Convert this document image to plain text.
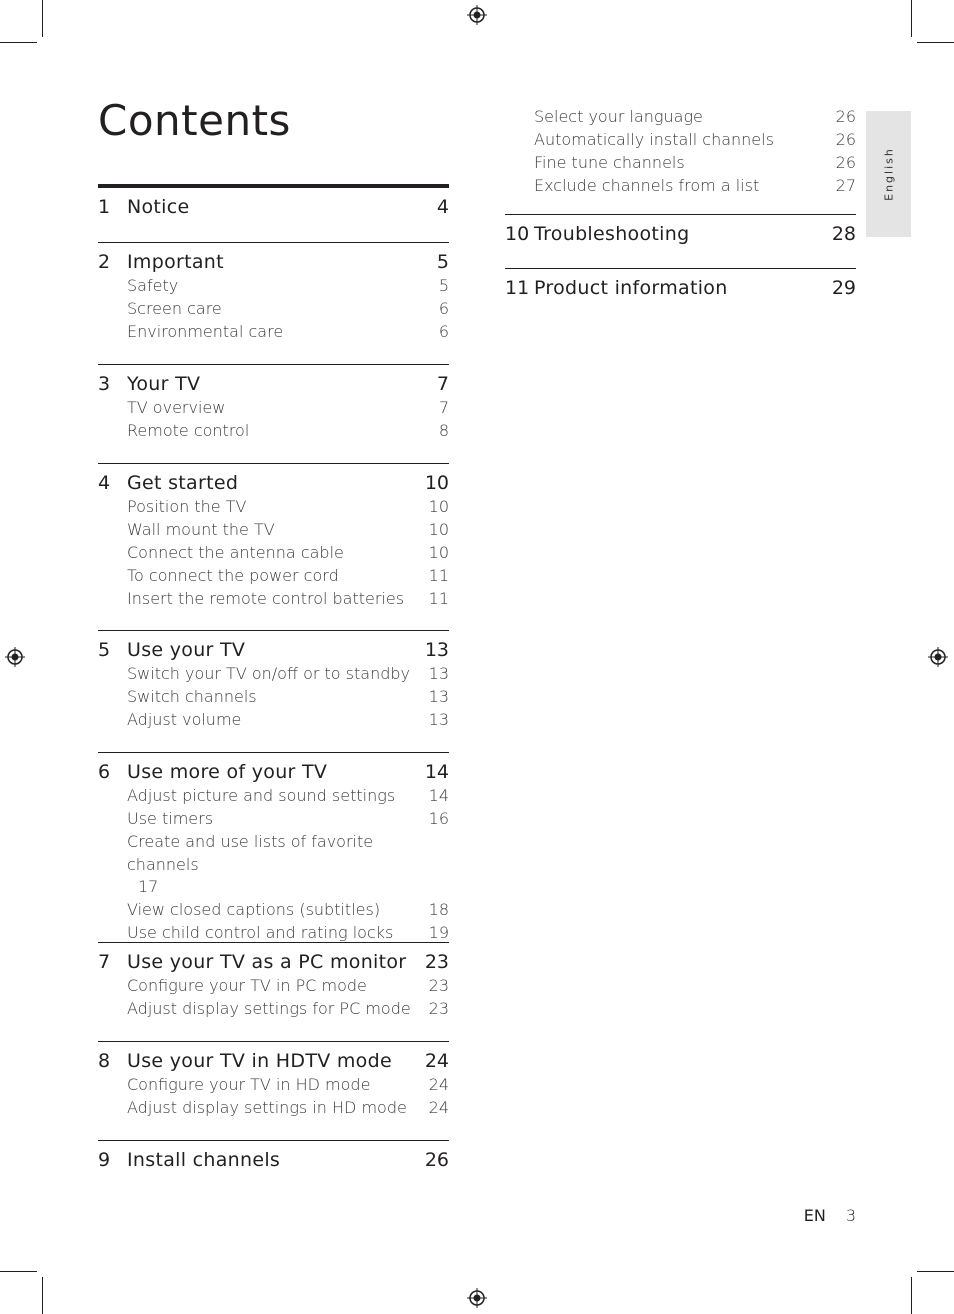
English
Contents
1 Notice	4
2 Important	5
Safety	5
Screen care	6
Environmental care	6
3 Your TV	7
TV overview	7
Remote control	8
4 Get started	10
Position the TV	10
Wall mount the TV	10
Connect the antenna cable	10
To connect the power cord	11
Insert the remote control batteries	11
5 Use your TV	13
Switch your TV on/off or to standby	13
Switch channels	13
Adjust volume	13
6 Use more of your TV	14
Adjust picture and sound settings	14
Use timers	16
Create and use lists of favorite channels
17
View closed captions (subtitles)	18
Use child control and rating locks	19
7 Use your TV as a PC monitor 23
Configure your TV in PC mode	23
Adjust display settings for PC mode	23
8 Use your TV in HDTV mode	24
Configure your TV in HD mode	24
Adjust display settings in HD mode	24
9 Install channels	26
Select your language	26
Automatically install channels	26
Fine tune channels	26
Exclude channels from a list	27
10 Troubleshooting	28
11 Product information	29
EN 3
